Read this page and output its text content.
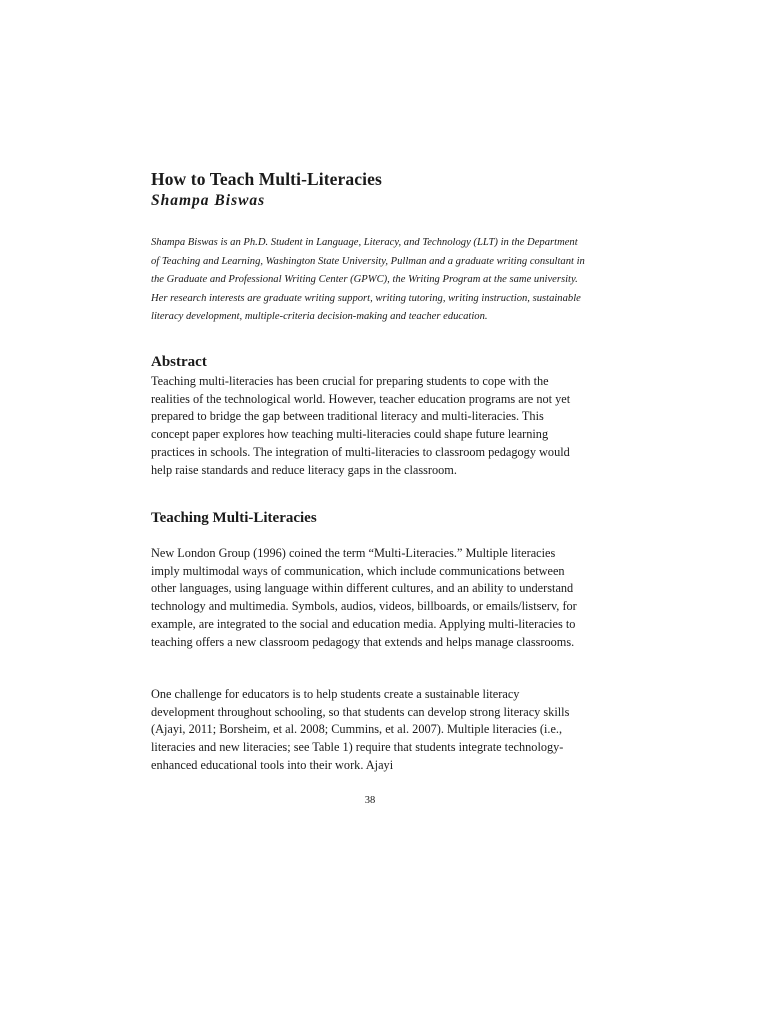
How to Teach Multi-Literacies
Shampa Biswas

Shampa Biswas is an Ph.D. Student in Language, Literacy, and Technology (LLT) in the Department of Teaching and Learning, Washington State University, Pullman and a graduate writing consultant in the Graduate and Professional Writing Center (GPWC), the Writing Program at the same university. Her research interests are graduate writing support, writing tutoring, writing instruction, sustainable literacy development, multiple-criteria decision-making and teacher education.

Abstract

Teaching multi-literacies has been crucial for preparing students to cope with the realities of the technological world. However, teacher education programs are not yet prepared to bridge the gap between traditional literacy and multi-literacies. This concept paper explores how teaching multi-literacies could shape future learning practices in schools. The integration of multi-literacies to classroom pedagogy would help raise standards and reduce literacy gaps in the classroom.

Teaching Multi-Literacies

New London Group (1996) coined the term “Multi-Literacies.” Multiple literacies imply multimodal ways of communication, which include communications between other languages, using language within different cultures, and an ability to understand technology and multimedia. Symbols, audios, videos, billboards, or emails/listserv, for example, are integrated to the social and education media. Applying multi-literacies to teaching offers a new classroom pedagogy that extends and helps manage classrooms.

One challenge for educators is to help students create a sustainable literacy development throughout schooling, so that students can develop strong literacy skills (Ajayi, 2011; Borsheim, et al. 2008; Cummins, et al. 2007). Multiple literacies (i.e., literacies and new literacies; see Table 1) require that students integrate technology-enhanced educational tools into their work. Ajayi

38
